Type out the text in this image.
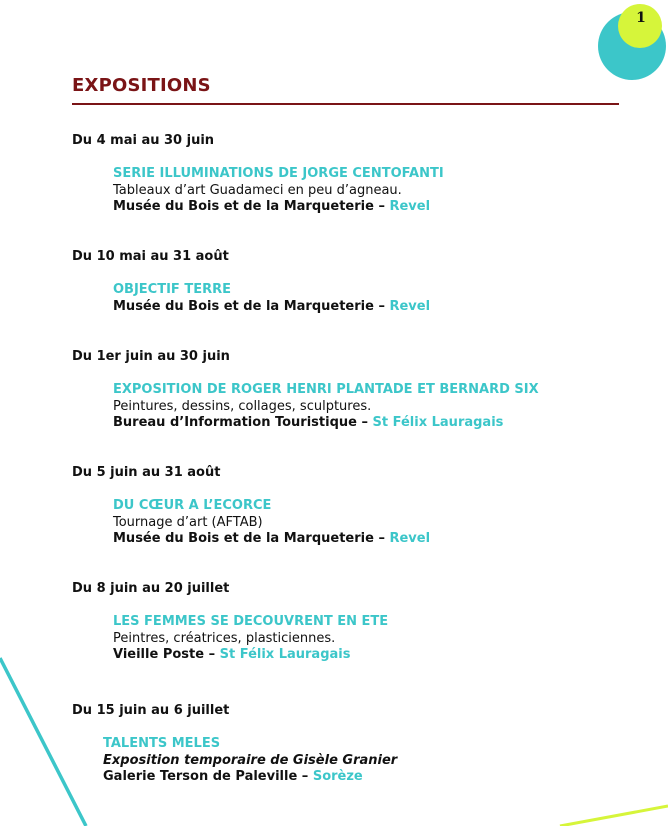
1
EXPOSITIONS
Du 4 mai au 30 juin
SERIE ILLUMINATIONS DE JORGE CENTOFANTI
Tableaux d’art Guadameci en peu d’agneau.
Musée du Bois et de la Marqueterie – Revel
Du 10 mai au 31 août
OBJECTIF TERRE
Musée du Bois et de la Marqueterie – Revel
Du 1er juin au 30 juin
EXPOSITION DE ROGER HENRI PLANTADE ET BERNARD SIX
Peintures, dessins, collages, sculptures.
Bureau d’Information Touristique – St Félix Lauragais
Du 5 juin au 31 août
DU CŒUR A L’ECORCE
Tournage d’art (AFTAB)
Musée du Bois et de la Marqueterie – Revel
Du 8 juin au 20 juillet
LES FEMMES SE DECOUVRENT EN ETE
Peintres, créatrices, plasticiennes.
Vieille Poste – St Félix Lauragais
Du 15 juin au 6 juillet
TALENTS MELES
Exposition temporaire de Gisèle Granier
Galerie Terson de Paleville – Sorèze
